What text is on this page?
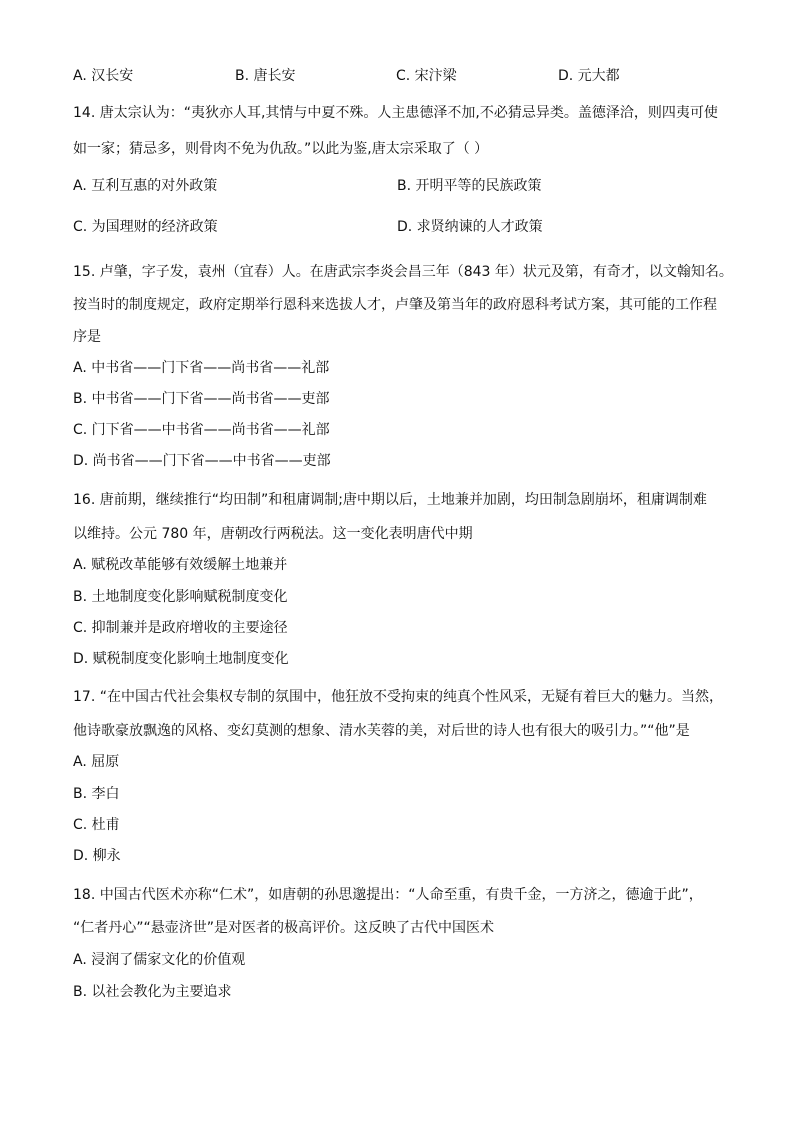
A. 汉长安	B. 唐长安	C. 宋汴梁	D. 元大都
14. 唐太宗认为：“夷狄亦人耳,其情与中夏不殊。人主患德泽不加,不必猜忌异类。盖德泽洽，则四夷可使
如一家；猜忌多，则骨肉不免为仇敌。”以此为鉴,唐太宗采取了（ ）
A. 互利互惠的对外政策	B. 开明平等的民族政策
C. 为国理财的经济政策	D. 求贤纳谏的人才政策
15. 卢肇，字子发，袁州（宜春）人。在唐武宗李炎会昌三年（843 年）状元及第，有奇才，以文翰知名。
按当时的制度规定，政府定期举行恩科来选拔人才，卢肇及第当年的政府恩科考试方案，其可能的工作程
序是
A. 中书省——门下省——尚书省——礼部
B. 中书省——门下省——尚书省——吏部
C. 门下省——中书省——尚书省——礼部
D. 尚书省——门下省——中书省——吏部
16. 唐前期，继续推行“均田制”和租庸调制;唐中期以后，土地兼并加剧，均田制急剧崩坏，租庸调制难
以维持。公元 780 年，唐朝改行两税法。这一变化表明唐代中期
A. 赋税改革能够有效缓解土地兼并
B. 土地制度变化影响赋税制度变化
C. 抑制兼并是政府增收的主要途径
D. 赋税制度变化影响土地制度变化
17. “在中国古代社会集权专制的氛围中，他狂放不受拘束的纯真个性风采，无疑有着巨大的魅力。当然，
他诗歌豪放飘逸的风格、变幻莫测的想象、清水芙蓉的美，对后世的诗人也有很大的吸引力。”“他”是
A. 屈原
B. 李白
C. 杜甫
D. 柳永
18. 中国古代医术亦称“仁术”，如唐朝的孙思邈提出：“人命至重，有贵千金，一方济之，德逾于此”，
“仁者丹心”“悬壶济世”是对医者的极高评价。这反映了古代中国医术
A. 浸润了儒家文化的价值观
B. 以社会教化为主要追求
